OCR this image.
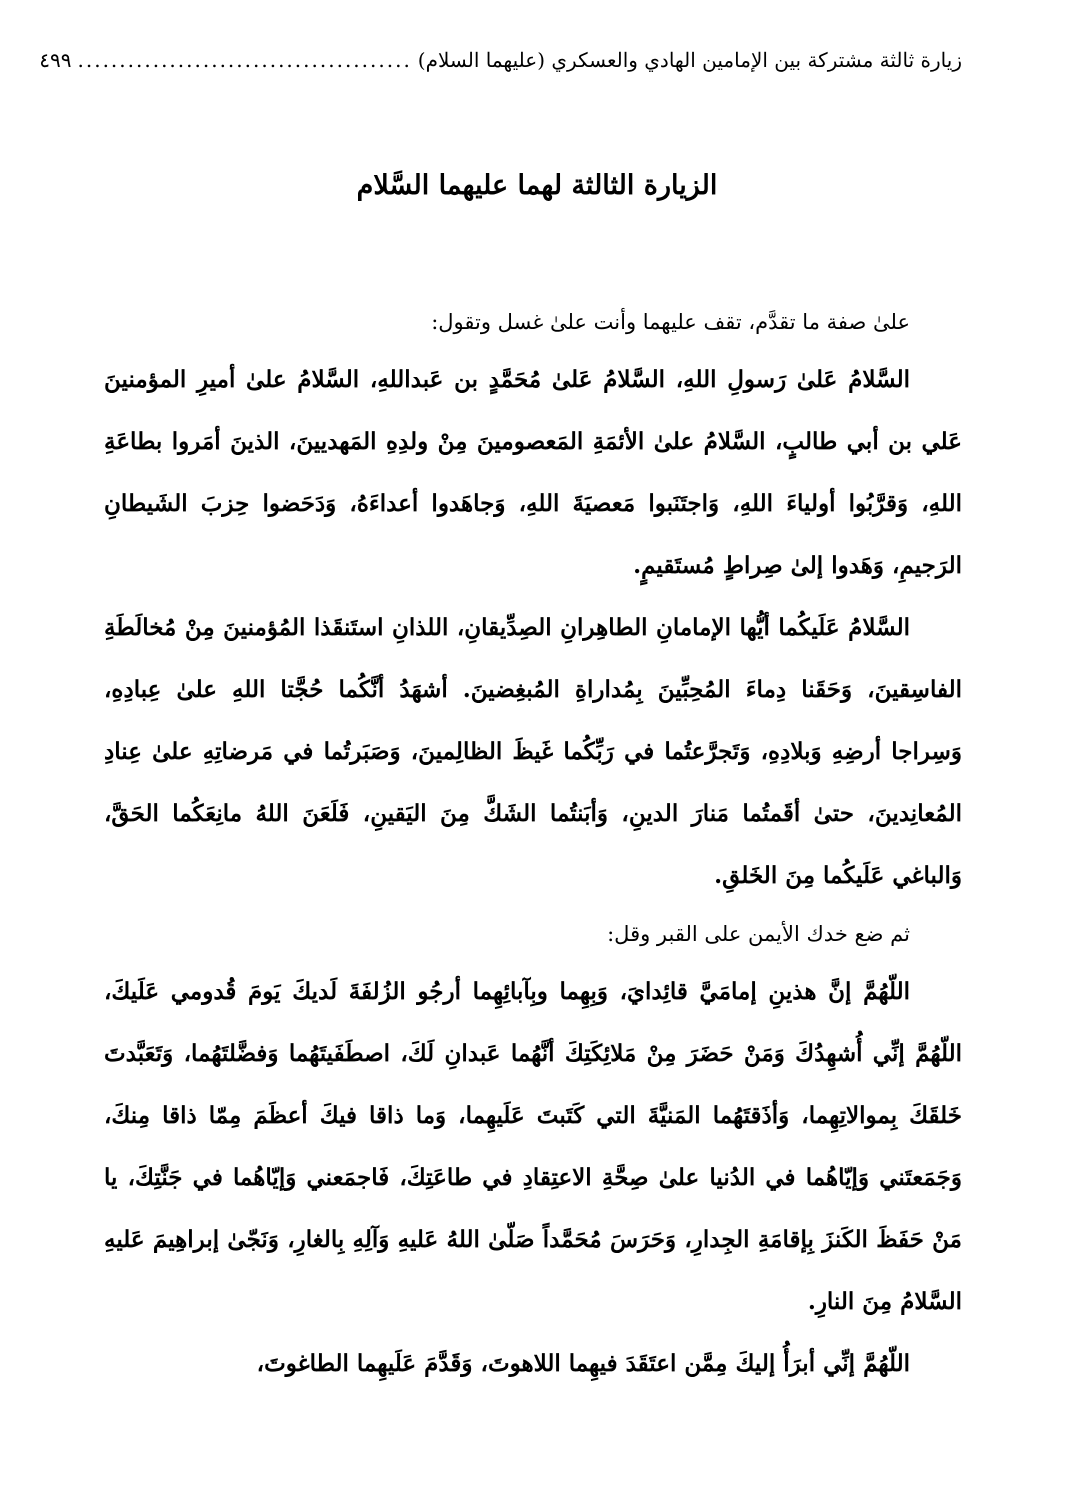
زيارة ثالثة مشتركة بين الإمامين الهادي والعسكري (عليهما السلام)
........................................
٤٩٩
الزيارة الثالثة لهما عليهما السَّلام

علىٰ صفة ما تقدَّم، تقف عليهما وأنت علىٰ غسل وتقول:

السَّلامُ عَلىٰ رَسولِ اللهِ، السَّلامُ عَلىٰ مُحَمَّدٍ بن عَبداللهِ، السَّلامُ علىٰ أميرِ المؤمنينَ عَلي بن أبي طالبٍ، السَّلامُ علىٰ الأئمَةِ المَعصومينَ مِنْ ولدِهِ المَهديينَ، الذينَ أمَروا بطاعَةِ اللهِ، وَقرَّبُوا أولياءَ اللهِ، وَاجتَنَبوا مَعصيَةَ اللهِ، وَجاهَدوا أعداءَهُ، وَدَحَضوا حِزبَ الشَيطانِ الرَجيمِ، وَهَدوا إلىٰ صِراطٍ مُستَقيمٍ.

السَّلامُ عَلَيكُما أيُّها الإمامانِ الطاهِرانِ الصِدِّيقانِ، اللذانِ استَنقَذا المُؤمنينَ مِنْ مُخالَطَةِ الفاسِقينَ، وَحَقَنا دِماءَ المُحِبِّينَ بِمُداراةِ المُبغِضينَ. أشهَدُ أنَّكُما حُجَّتا اللهِ علىٰ عِبادِهِ، وَسِراجا أرضِهِ وَبلادِهِ، وَتَجرَّعتُما في رَبِّكُما غَيظَ الظالِمينَ، وَصَبَرتُما في مَرضاتِهِ علىٰ عِنادِ المُعانِدينَ، حتىٰ أقَمتُما مَنارَ الدينِ، وَأبَنتُما الشَكَّ مِنَ اليَقينِ، فَلَعَنَ اللهُ مانِعَكُما الحَقَّ، وَالباغي عَلَيكُما مِنَ الخَلقِ.

ثم ضع خدك الأيمن على القبر وقل:

اللّهُمَّ إنَّ هذينِ إمامَيَّ قائِدايَ، وَبِهِما وبِآبائِهِما أرجُو الزُلفَةَ لَديكَ يَومَ قُدومي عَلَيكَ، اللّهُمَّ إنِّي أُشهِدُكَ وَمَنْ حَضَرَ مِنْ مَلائِكَتِكَ أنَّهُما عَبدانِ لَكَ، اصطَفَيتَهُما وَفضَّلتَهُما، وَتَعَبَّدتَ خَلقَكَ بِموالاتِهِما، وَأذَقتَهُما المَنيَّةَ التي كَتَبتَ عَلَيهِما، وَما ذاقا فيكَ أعظَمَ مِمّا ذاقا مِنكَ، وَجَمَعتَني وَإيّاهُما في الدُنيا علىٰ صِحَّةِ الاعتِقادِ في طاعَتِكَ، فَاجمَعني وَإيّاهُما في جَنَّتِكَ، يا مَنْ حَفَظَ الكَنزَ بِإقامَةِ الجِدارِ، وَحَرَسَ مُحَمَّداً صَلّىٰ اللهُ عَليهِ وَآلِهِ بِالغارِ، وَنَجّىٰ إبراهِيمَ عَليهِ السَّلامُ مِنَ النارِ.

اللّهُمَّ إنِّي أبرَأُ إليكَ مِمَّن اعتَقَدَ فيهِما اللاهوتَ، وَقَدَّمَ عَلَيهِما الطاغوتَ،
